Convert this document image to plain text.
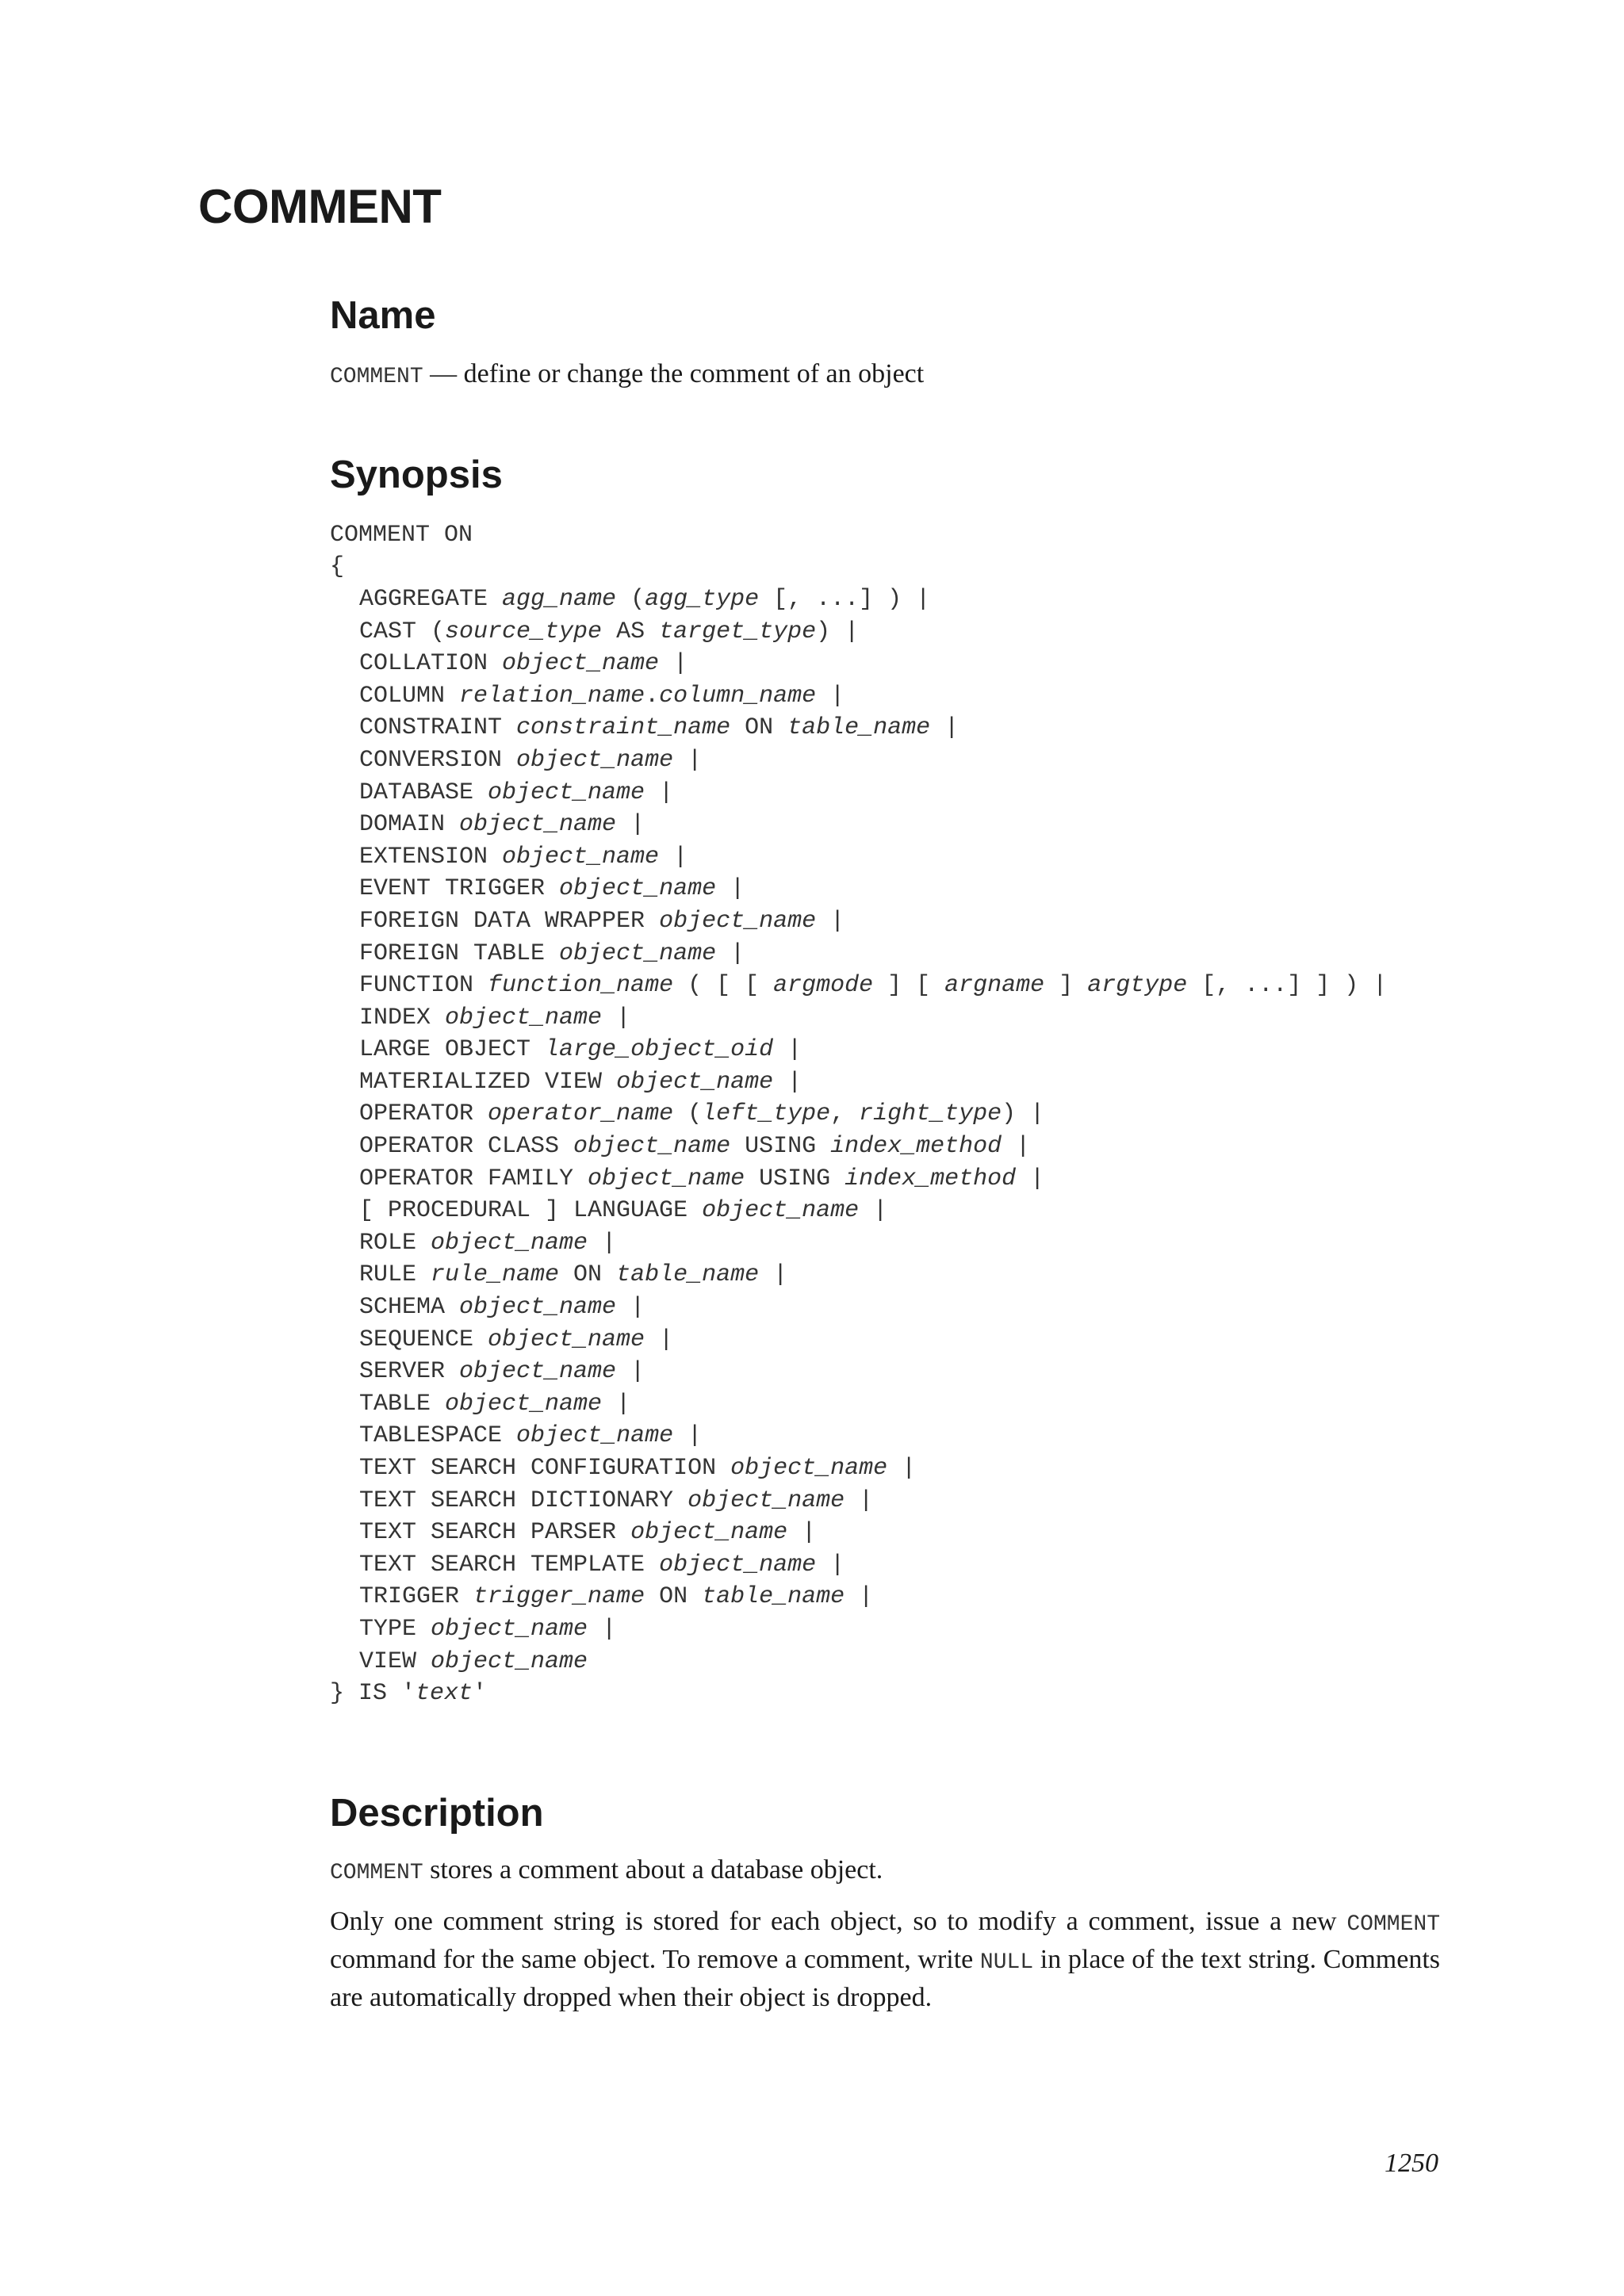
COMMENT
Name

COMMENT — define or change the comment of an object

Synopsis
COMMENT ON
{
AGGREGATE agg_name (agg_type [, ...] ) |
CAST (source_type AS target_type) |
COLLATION object_name |
COLUMN relation_name.column_name |
CONSTRAINT constraint_name ON table_name |
CONVERSION object_name |
DATABASE object_name |
DOMAIN object_name |
EXTENSION object_name |
EVENT TRIGGER object_name |
FOREIGN DATA WRAPPER object_name |
FOREIGN TABLE object_name |
FUNCTION function_name ( [ [ argmode ] [ argname ] argtype [, ...] ] ) |
INDEX object_name |
LARGE OBJECT large_object_oid |
MATERIALIZED VIEW object_name |
OPERATOR operator_name (left_type, right_type) |
OPERATOR CLASS object_name USING index_method |
OPERATOR FAMILY object_name USING index_method |
[ PROCEDURAL ] LANGUAGE object_name |
ROLE object_name |
RULE rule_name ON table_name |
SCHEMA object_name |
SEQUENCE object_name |
SERVER object_name |
TABLE object_name |
TABLESPACE object_name |
TEXT SEARCH CONFIGURATION object_name |
TEXT SEARCH DICTIONARY object_name |
TEXT SEARCH PARSER object_name |
TEXT SEARCH TEMPLATE object_name |
TRIGGER trigger_name ON table_name |
TYPE object_name |
VIEW object_name
} IS 'text'
Description

COMMENT stores a comment about a database object.

Only one comment string is stored for each object, so to modify a comment, issue a new COMMENT command for the same object. To remove a comment, write NULL in place of the text string. Comments are automatically dropped when their object is dropped.

1250
